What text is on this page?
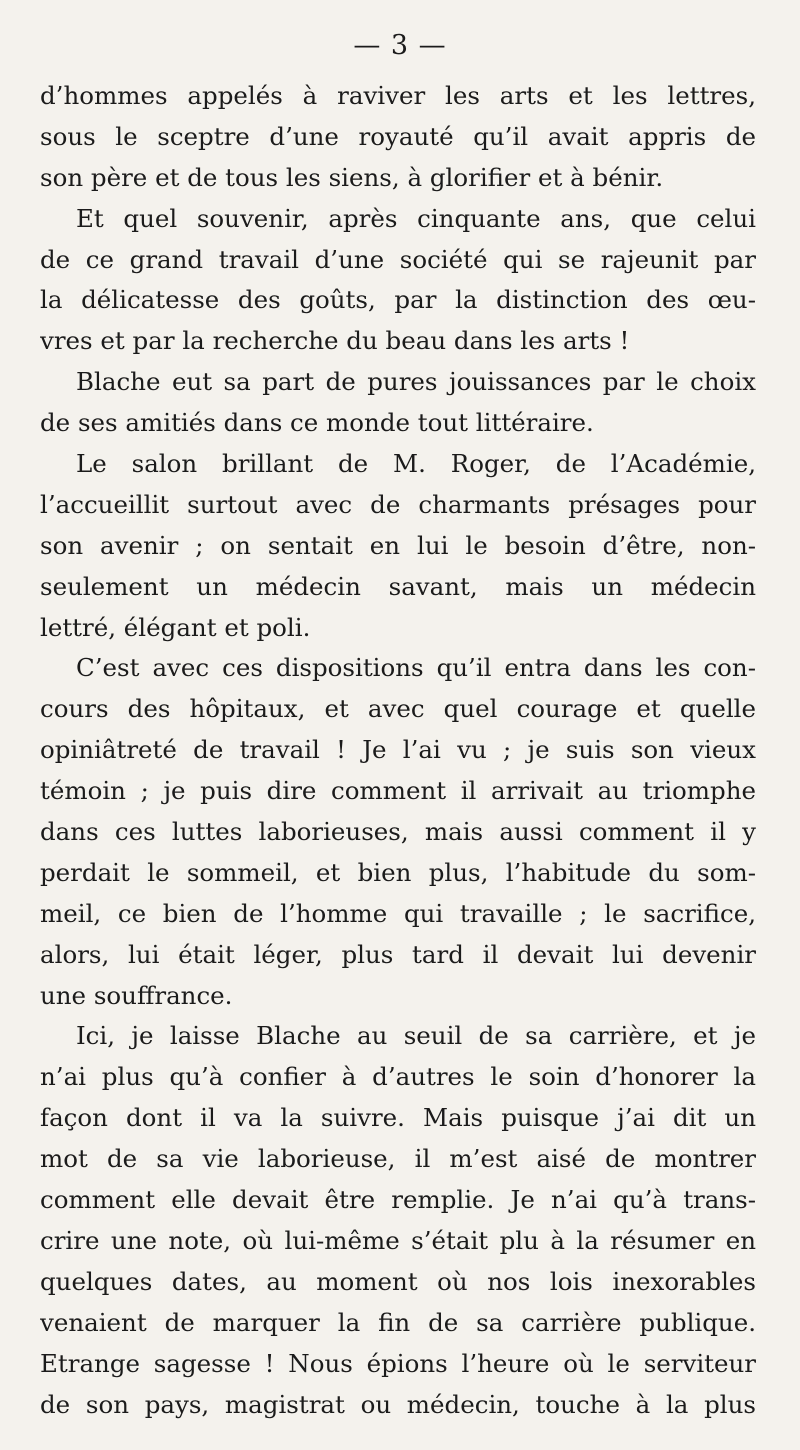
— 3 —
d’hommes appelés à raviver les arts et les lettres,
sous le sceptre d’une royauté qu’il avait appris de
son père et de tous les siens, à glorifier et à bénir.
Et quel souvenir, après cinquante ans, que celui
de ce grand travail d’une société qui se rajeunit par
la délicatesse des goûts, par la distinction des œu-
vres et par la recherche du beau dans les arts !
Blache eut sa part de pures jouissances par le choix
de ses amitiés dans ce monde tout littéraire.
Le salon brillant de M. Roger, de l’Académie,
l’accueillit surtout avec de charmants présages pour
son avenir ; on sentait en lui le besoin d’être, non-
seulement un médecin savant, mais un médecin
lettré, élégant et poli.
C’est avec ces dispositions qu’il entra dans les con-
cours des hôpitaux, et avec quel courage et quelle
opiniâtreté de travail ! Je l’ai vu ; je suis son vieux
témoin ; je puis dire comment il arrivait au triomphe
dans ces luttes laborieuses, mais aussi comment il y
perdait le sommeil, et bien plus, l’habitude du som-
meil, ce bien de l’homme qui travaille ; le sacrifice,
alors, lui était léger, plus tard il devait lui devenir
une souffrance.
Ici, je laisse Blache au seuil de sa carrière, et je
n’ai plus qu’à confier à d’autres le soin d’honorer la
façon dont il va la suivre. Mais puisque j’ai dit un
mot de sa vie laborieuse, il m’est aisé de montrer
comment elle devait être remplie. Je n’ai qu’à trans-
crire une note, où lui-même s’était plu à la résumer en
quelques dates, au moment où nos lois inexorables
venaient de marquer la fin de sa carrière publique.
Etrange sagesse ! Nous épions l’heure où le serviteur
de son pays, magistrat ou médecin, touche à la plus
